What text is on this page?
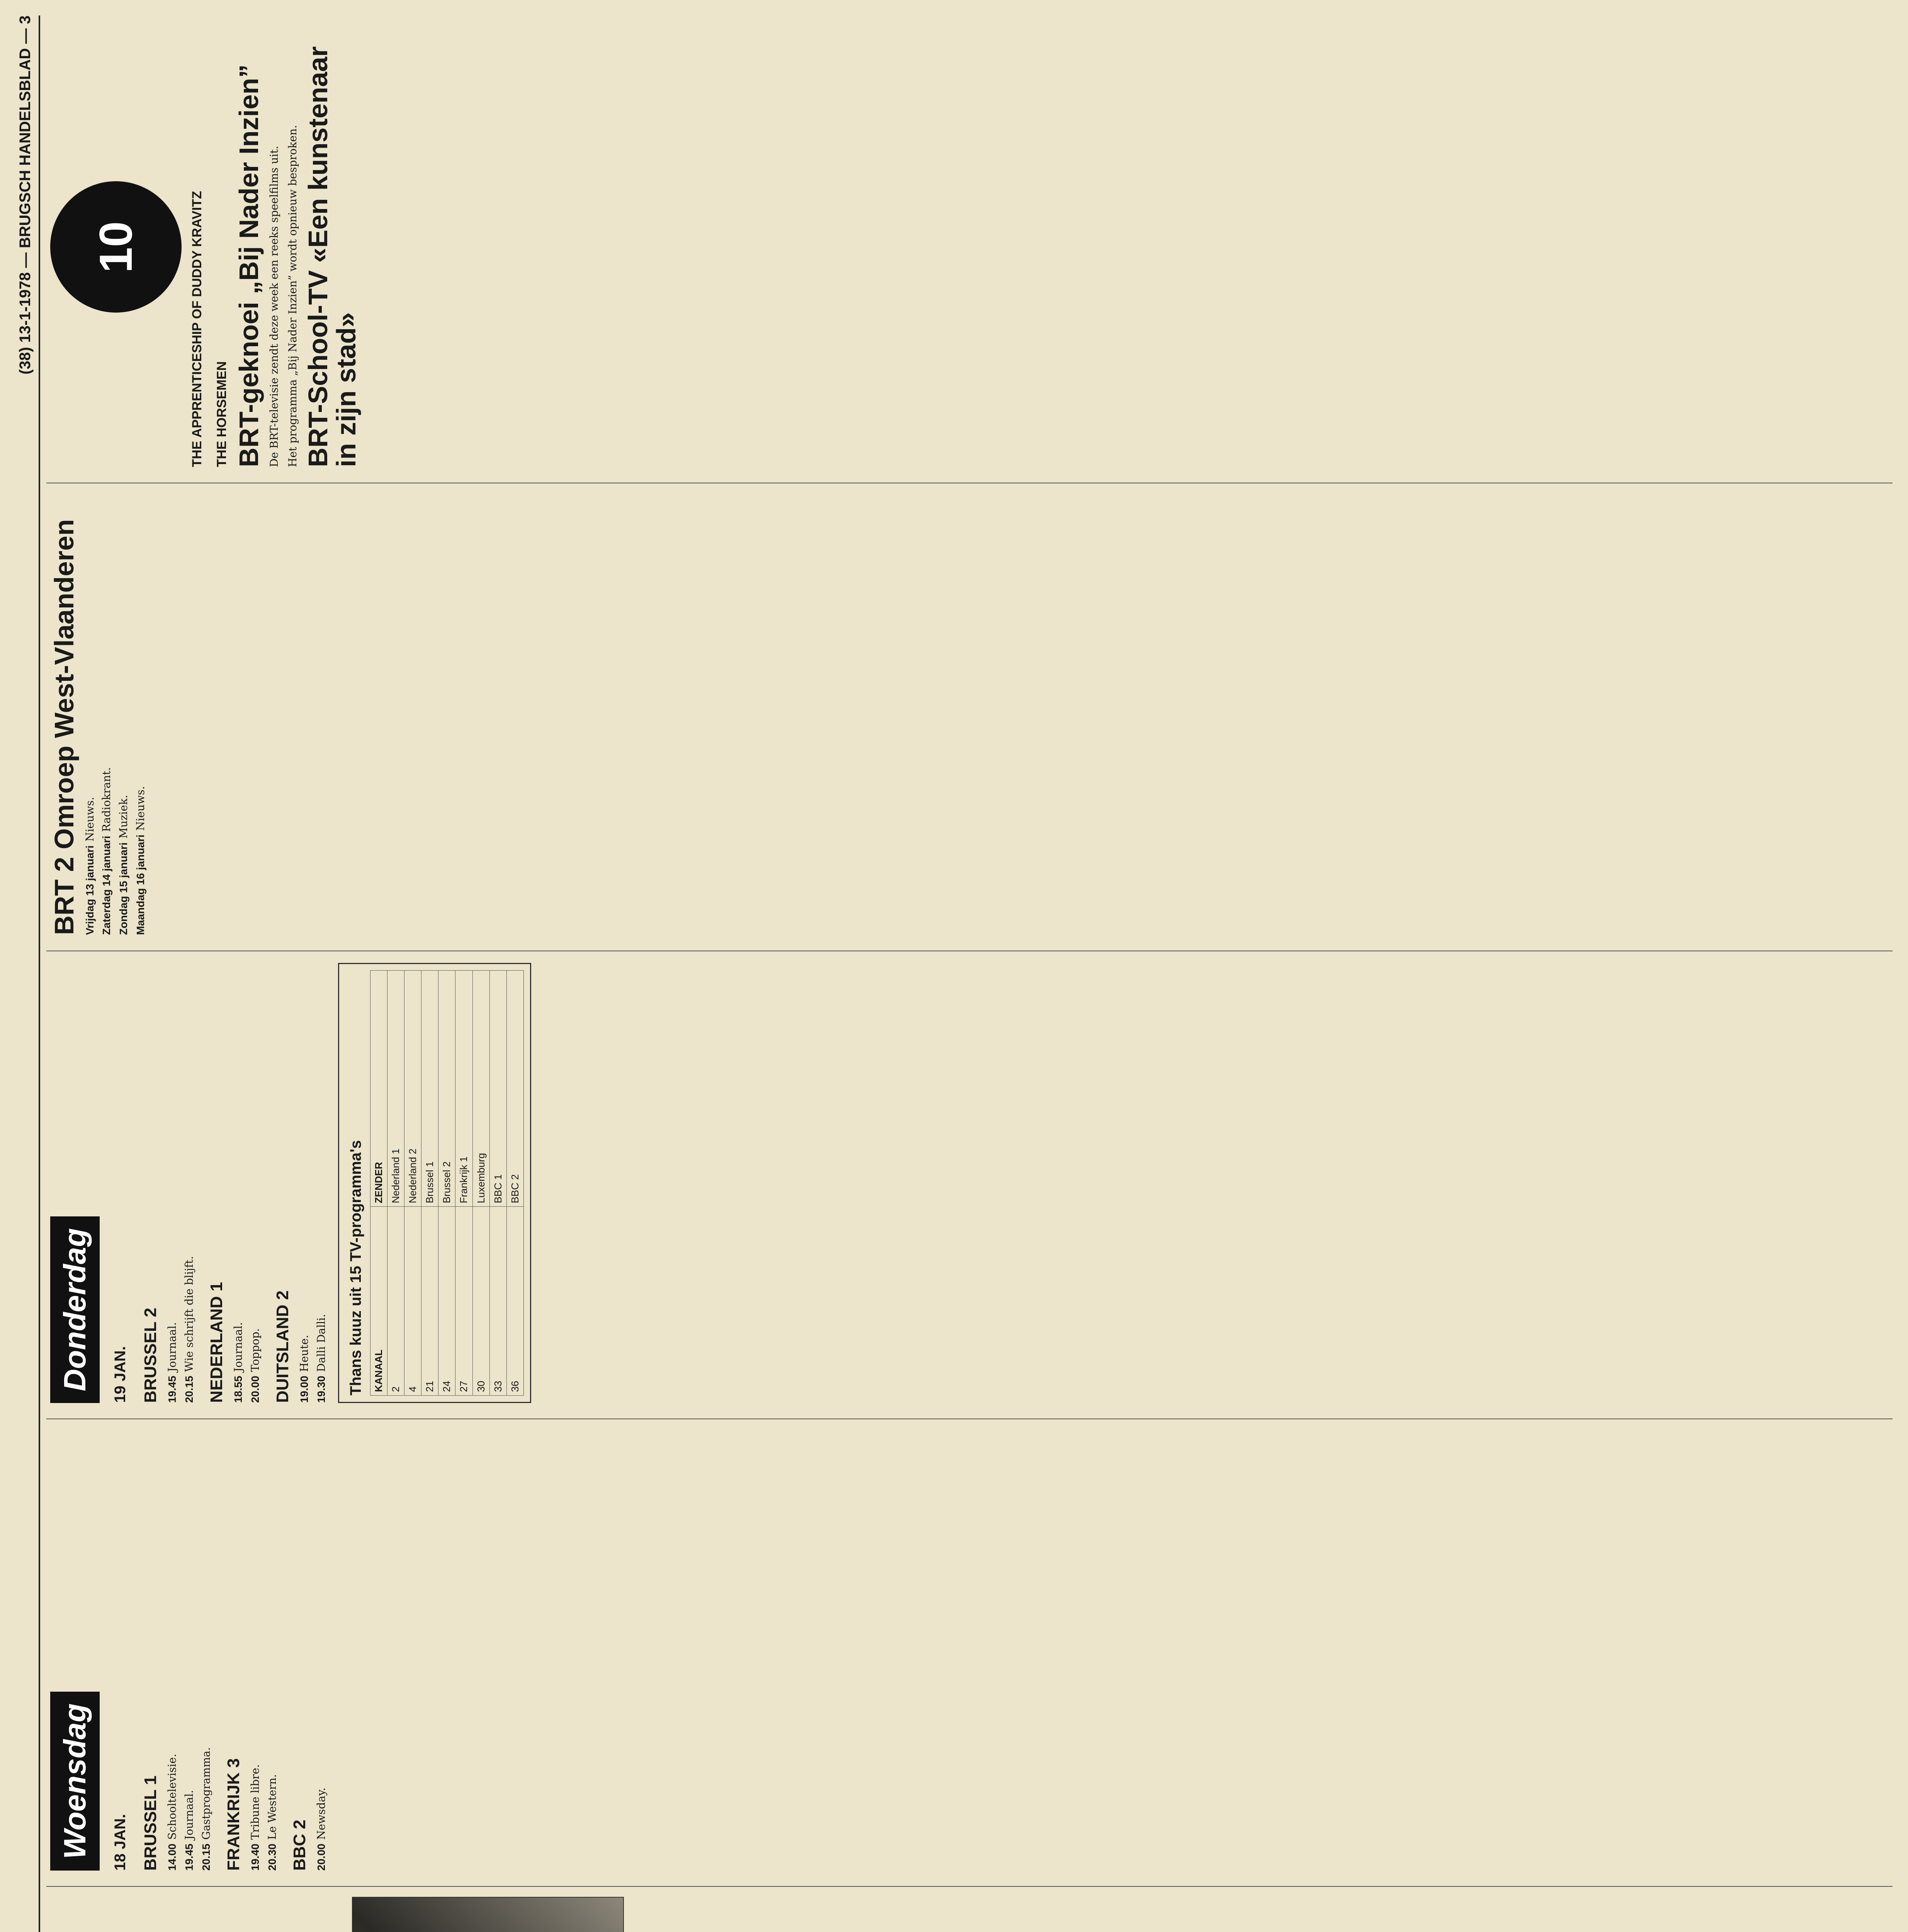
(38) 13-1-1978 — BRUGSCH HANDELSBLAD — 3

Woensdag 18 JAN. BRUSSEL 1 14.00Schooltelevisie.

19.45Journaal.

20.15Gastprogramma. FRANKRIJK 3 19.40Tribune libre.

20.30Le Western.

BBC 2 20.00Newsday.

Donderdag 19 JAN. BRUSSEL 2 19.45Journaal.

20.15Wie schrijft die blijft. NEDERLAND 1 18.55Journaal.

20.00Toppop. DUITSLAND 2 19.00Heute.

19.30Dalli Dalli. Thans kuuz uit 15 TV-programma's KANAAL	ZENDER
2	Nederland 1
4	Nederland 2
21	Brussel 1
24	Brussel 2
27	Frankrijk 1
30	Luxemburg
33	BBC 1
36	BBC 2
BRT 2 Omroep West-Vlaanderen Vrijdag 13 januariNieuws.

Zaterdag 14 januariRadiokrant.

Zondag 15 januariMuziek.

Maandag 16 januariNieuws.

10	THE APPRENTICESHIP OF DUDDY KRAVITZ THE HORSEMEN BRT-geknoei „Bij Nader Inzien” De BRT-televisie zendt deze week een reeks speelfilms uit. Het programma „Bij Nader Inzien” wordt opnieuw besproken. BRT-School-TV «Een kunstenaar in zijn stad»
